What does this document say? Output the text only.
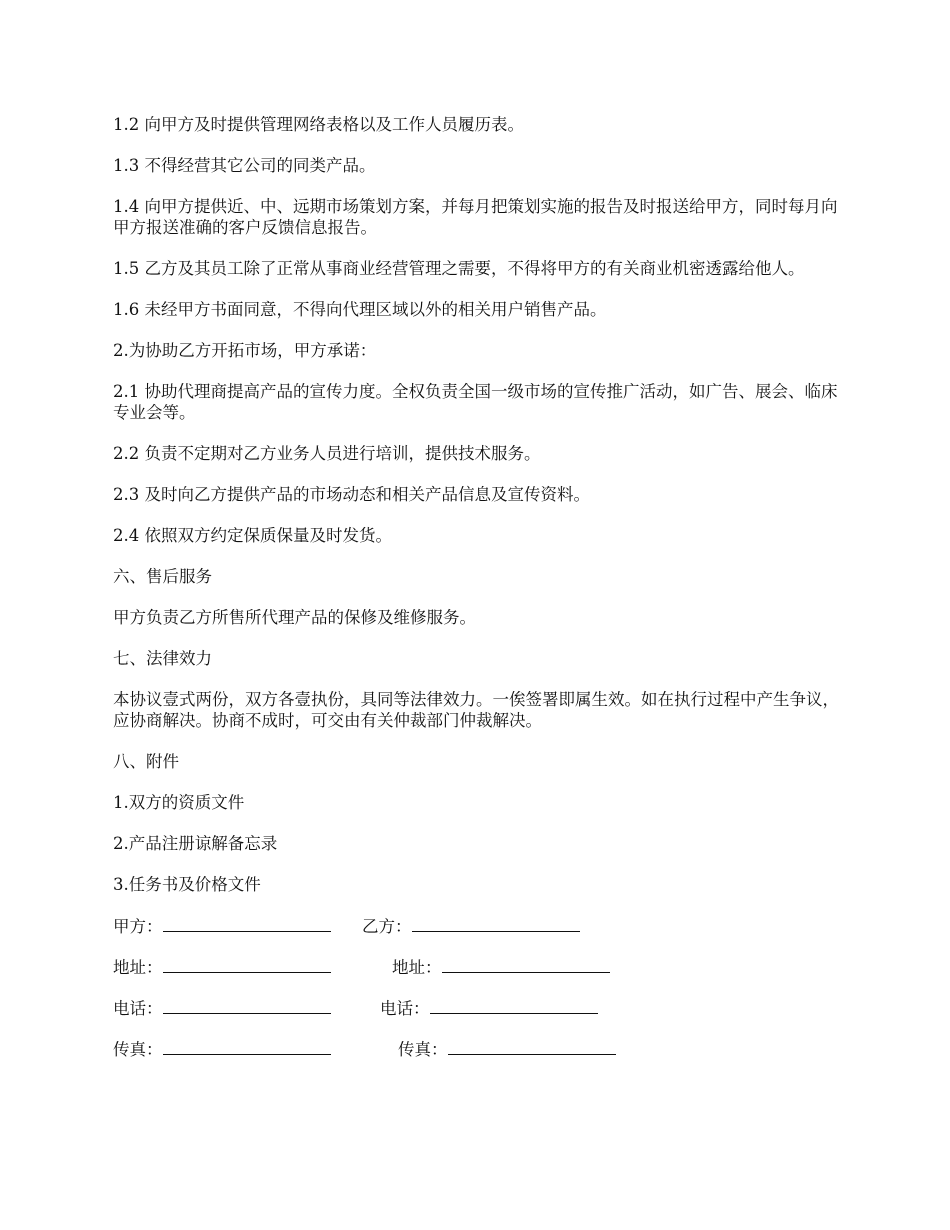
1.2 向甲方及时提供管理网络表格以及工作人员履历表。

1.3 不得经营其它公司的同类产品。

1.4 向甲方提供近、中、远期市场策划方案，并每月把策划实施的报告及时报送给甲方，同时每月向甲方报送准确的客户反馈信息报告。

1.5 乙方及其员工除了正常从事商业经营管理之需要，不得将甲方的有关商业机密透露给他人。

1.6 未经甲方书面同意，不得向代理区域以外的相关用户销售产品。

2.为协助乙方开拓市场，甲方承诺：

2.1 协助代理商提高产品的宣传力度。全权负责全国一级市场的宣传推广活动，如广告、展会、临床专业会等。

2.2 负责不定期对乙方业务人员进行培训，提供技术服务。

2.3 及时向乙方提供产品的市场动态和相关产品信息及宣传资料。

2.4 依照双方约定保质保量及时发货。

六、售后服务

甲方负责乙方所售所代理产品的保修及维修服务。

七、法律效力

本协议壹式两份，双方各壹执份，具同等法律效力。一俟签署即属生效。如在执行过程中产生争议，应协商解决。协商不成时，可交由有关仲裁部门仲裁解决。

八、附件

1.双方的资质文件

2.产品注册谅解备忘录

3.任务书及价格文件

甲方：	乙方：
地址：	地址：
电话：	电话：
传真：	传真：
